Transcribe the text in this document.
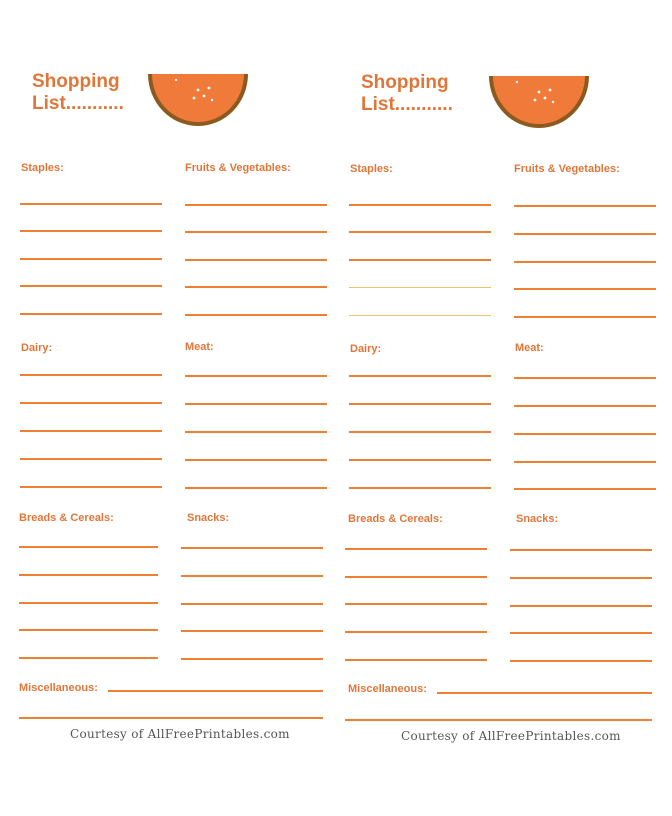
Shopping
List...........
Staples:	Fruits & Vegetables:
Dairy:	Meat:
Breads & Cereals:	Snacks:
Miscellaneous:
Courtesy of AllFreePrintables.com
Shopping
List...........
Staples:	Fruits & Vegetables:
Dairy:	Meat:
Breads & Cereals:	Snacks:
Miscellaneous:
Courtesy of AllFreePrintables.com
